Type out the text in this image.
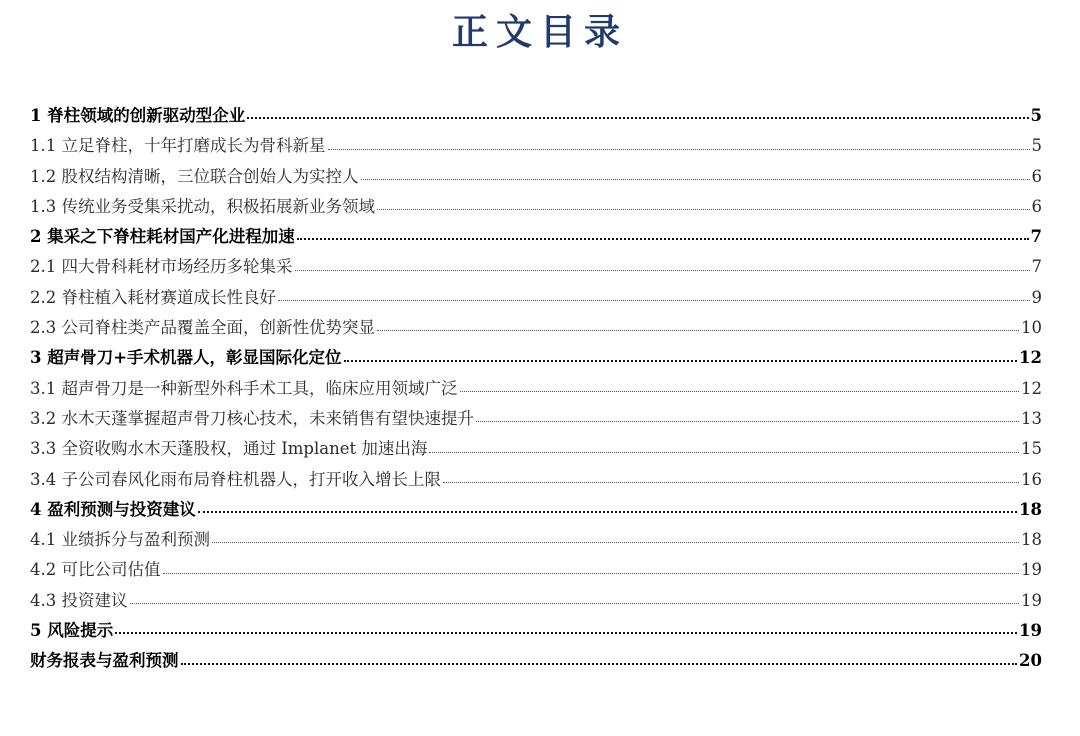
正文目录
1 脊柱领域的创新驱动型企业	5
1.1 立足脊柱，十年打磨成长为骨科新星	5
1.2 股权结构清晰，三位联合创始人为实控人	6
1.3 传统业务受集采扰动，积极拓展新业务领域	6
2 集采之下脊柱耗材国产化进程加速	7
2.1 四大骨科耗材市场经历多轮集采	7
2.2 脊柱植入耗材赛道成长性良好	9
2.3 公司脊柱类产品覆盖全面，创新性优势突显	10
3 超声骨刀+手术机器人，彰显国际化定位	12
3.1 超声骨刀是一种新型外科手术工具，临床应用领域广泛	12
3.2 水木天蓬掌握超声骨刀核心技术，未来销售有望快速提升	13
3.3 全资收购水木天蓬股权，通过 Implanet 加速出海	15
3.4 子公司春风化雨布局脊柱机器人，打开收入增长上限	16
4 盈利预测与投资建议	18
4.1 业绩拆分与盈利预测	18
4.2 可比公司估值	19
4.3 投资建议	19
5 风险提示	19
财务报表与盈利预测	20
